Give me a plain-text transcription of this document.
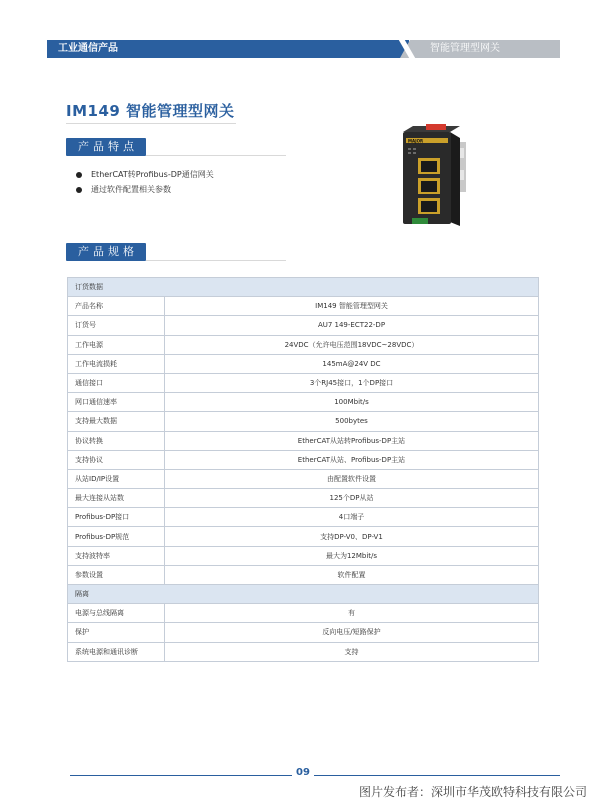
工业通信产品	智能管理型网关
IM149 智能管理型网关
产品特点
EtherCAT转Profibus-DP通信网关
通过软件配置相关参数
MAJOR
产品规格
订货数据	
产品名称	IM149 智能管理型网关
订货号	AU7 149-ECT22-DP
工作电源	24VDC（允许电压范围18VDC~28VDC）
工作电流损耗	145mA@24V DC
通信接口	3个RJ45接口，1个DP接口
网口通信速率	100Mbit/s
支持最大数据	500bytes
协议转换	EtherCAT从站转Profibus-DP主站
支持协议	EtherCAT从站、Profibus-DP主站
从站ID/IP设置	由配置软件设置
最大连接从站数	125个DP从站
Profibus-DP接口	4口端子
Profibus-DP规范	支持DP-V0、DP-V1
支持波特率	最大为12Mbit/s
参数设置	软件配置
隔离	
电源与总线隔离	有
保护	反向电压/短路保护
系统电源和通讯诊断	支持
09
图片发布者：深圳市华茂欧特科技有限公司
